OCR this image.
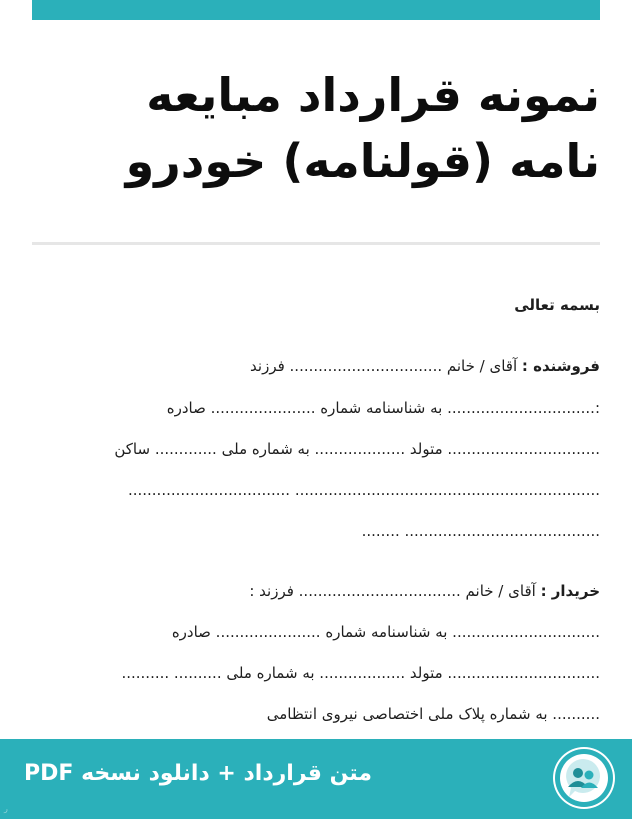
نمونه قرارداد مبایعه
نامه (قولنامه) خودرو
بسمه تعالی
فروشنده : آقای / خانم ................................ فرزند
:............................... به شناسنامه شماره ...................... صادره
................................ متولد ................... به شماره ملی ............. ساکن
................................................................ ..................................
......................................... ........
خریدار : آقای / خانم .................................. فرزند :
............................... به شناسنامه شماره ...................... صادره
................................ متولد .................. به شماره ملی .......... ..........
.......... به شماره پلاک ملی اختصاصی نیروی انتظامی
متن قرارداد + دانلود نسخه PDF
ر
